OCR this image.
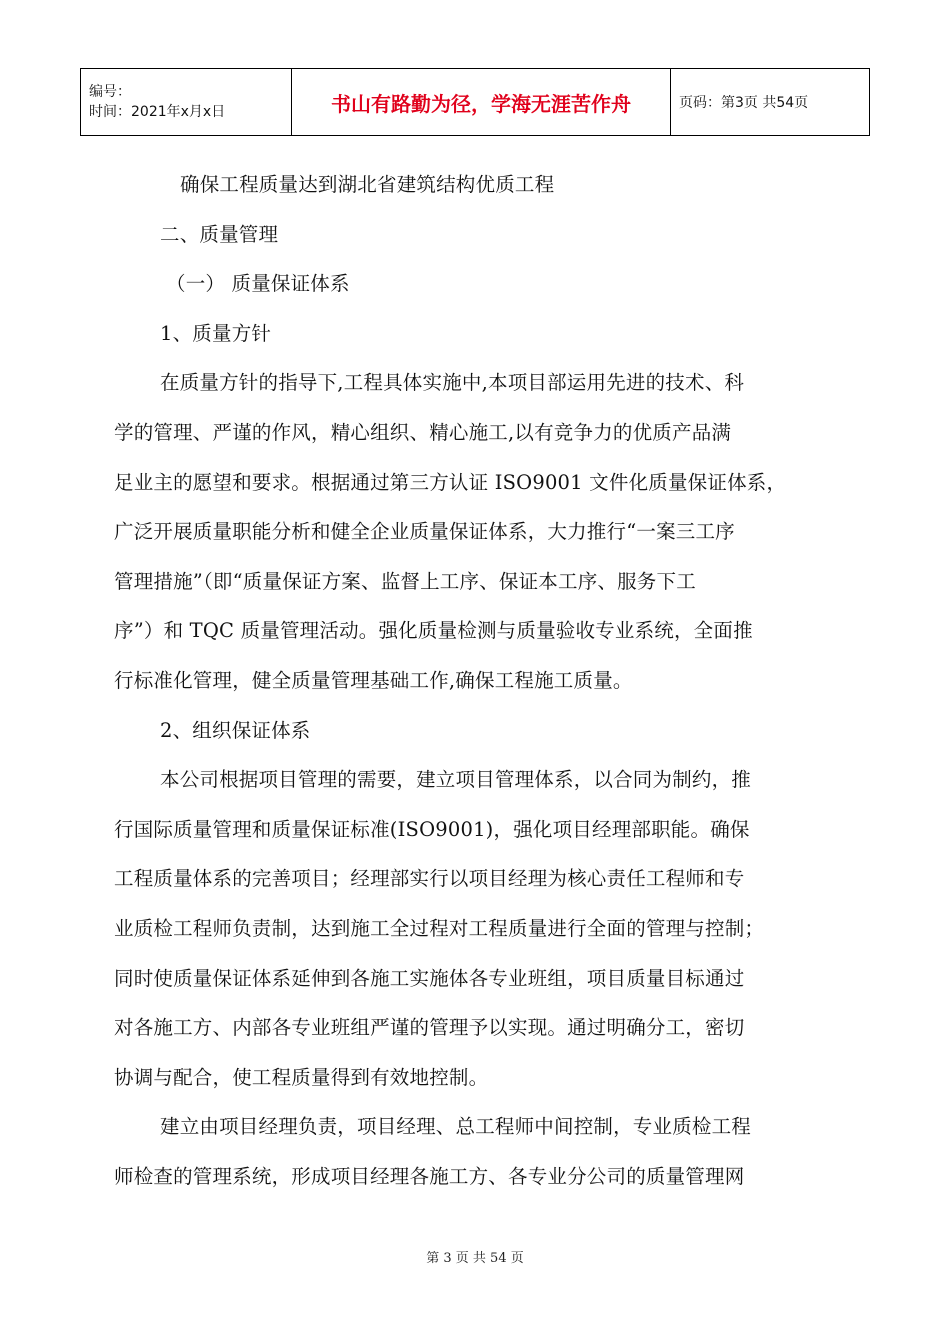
编号：
时间：2021年x月x日	书山有路勤为径，学海无涯苦作舟	页码：第3页 共54页
确保工程质量达到湖北省建筑结构优质工程
二、质量管理
（一） 质量保证体系
1、质量方针
在质量方针的指导下,工程具体实施中,本项目部运用先进的技术、科
学的管理、严谨的作风，精心组织、精心施工,以有竞争力的优质产品满
足业主的愿望和要求。根据通过第三方认证 ISO9001 文件化质量保证体系，
广泛开展质量职能分析和健全企业质量保证体系，大力推行“一案三工序
管理措施”（即“质量保证方案、监督上工序、保证本工序、服务下工
序”）和 TQC 质量管理活动。强化质量检测与质量验收专业系统，全面推
行标准化管理，健全质量管理基础工作,确保工程施工质量。
2、组织保证体系
本公司根据项目管理的需要，建立项目管理体系，以合同为制约，推
行国际质量管理和质量保证标准(ISO9001)，强化项目经理部职能。确保
工程质量体系的完善项目；经理部实行以项目经理为核心责任工程师和专
业质检工程师负责制，达到施工全过程对工程质量进行全面的管理与控制；
同时使质量保证体系延伸到各施工实施体各专业班组，项目质量目标通过
对各施工方、内部各专业班组严谨的管理予以实现。通过明确分工，密切
协调与配合，使工程质量得到有效地控制。
建立由项目经理负责，项目经理、总工程师中间控制，专业质检工程
师检查的管理系统，形成项目经理各施工方、各专业分公司的质量管理网
第 3 页 共 54 页
